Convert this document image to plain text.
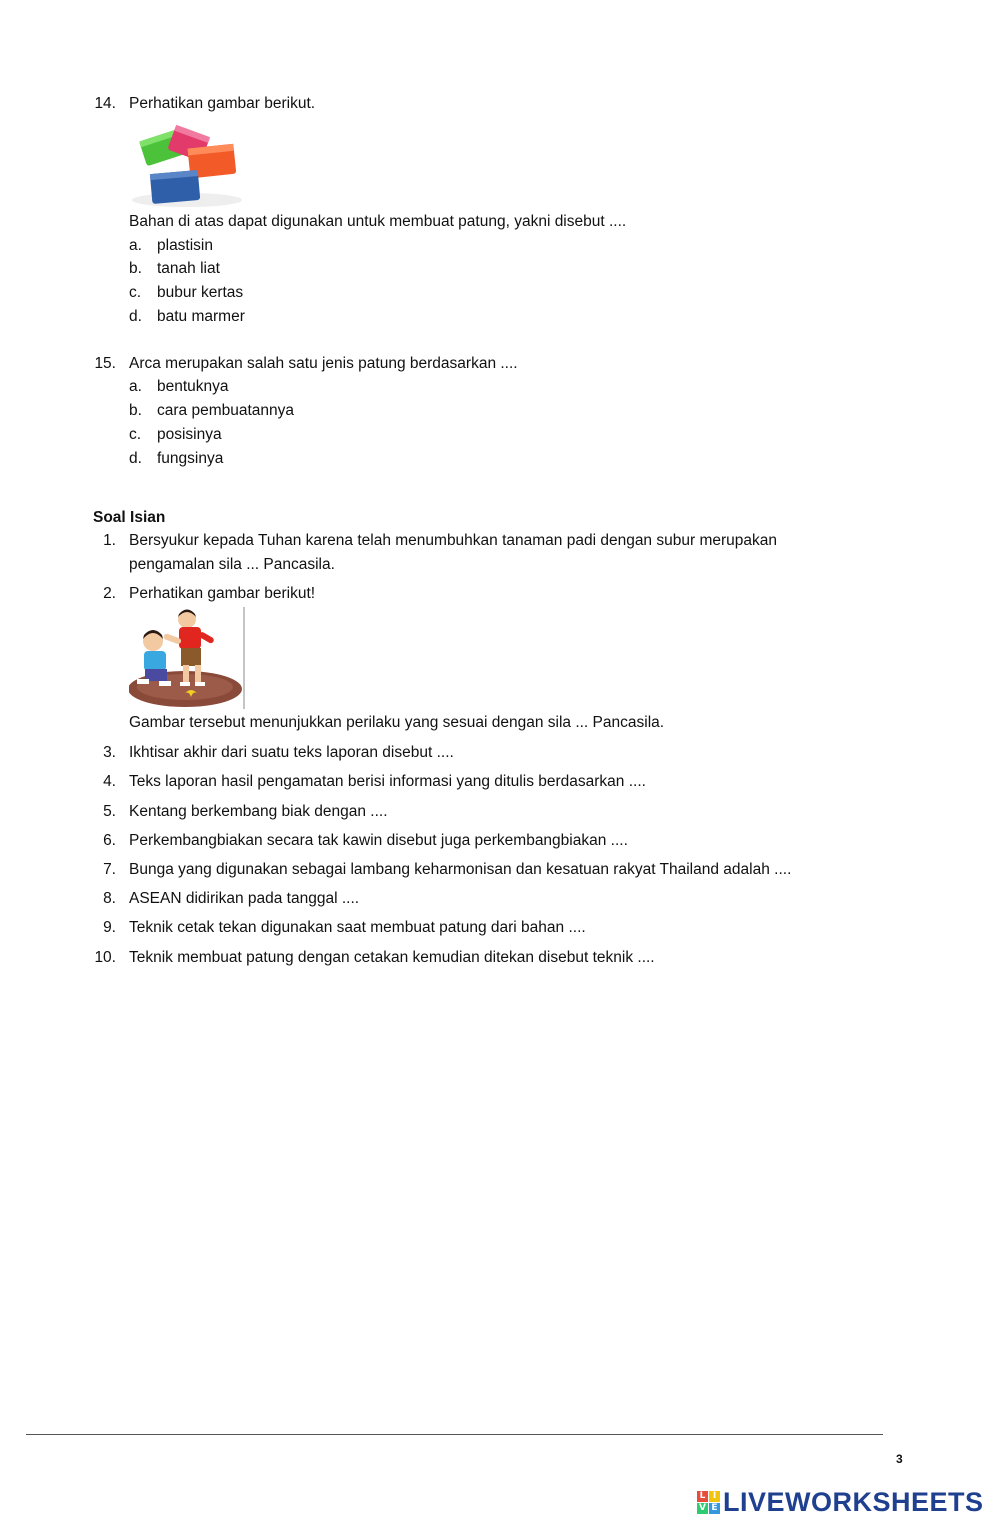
14. Perhatikan gambar berikut.
Bahan di atas dapat digunakan untuk membuat patung, yakni disebut ....
a. plastisin
b. tanah liat
c. bubur kertas
d. batu marmer
15. Arca merupakan salah satu jenis patung berdasarkan ....
a. bentuknya
b. cara pembuatannya
c. posisinya
d. fungsinya
Soal Isian
1. Bersyukur kepada Tuhan karena telah menumbuhkan tanaman padi dengan subur merupakan
pengamalan sila ... Pancasila.
2. Perhatikan gambar berikut!
Gambar tersebut menunjukkan perilaku yang sesuai dengan sila ... Pancasila.
3. Ikhtisar akhir dari suatu teks laporan disebut ....
4. Teks laporan hasil pengamatan berisi informasi yang ditulis berdasarkan ....
5. Kentang berkembang biak dengan ....
6. Perkembangbiakan secara tak kawin disebut juga perkembangbiakan ....
7. Bunga yang digunakan sebagai lambang keharmonisan dan kesatuan rakyat Thailand adalah ....
8. ASEAN didirikan pada tanggal ....
9. Teknik cetak tekan digunakan saat membuat patung dari bahan ....
10. Teknik membuat patung dengan cetakan kemudian ditekan disebut teknik ....
3
L I
V E LIVEWORKSHEETS
